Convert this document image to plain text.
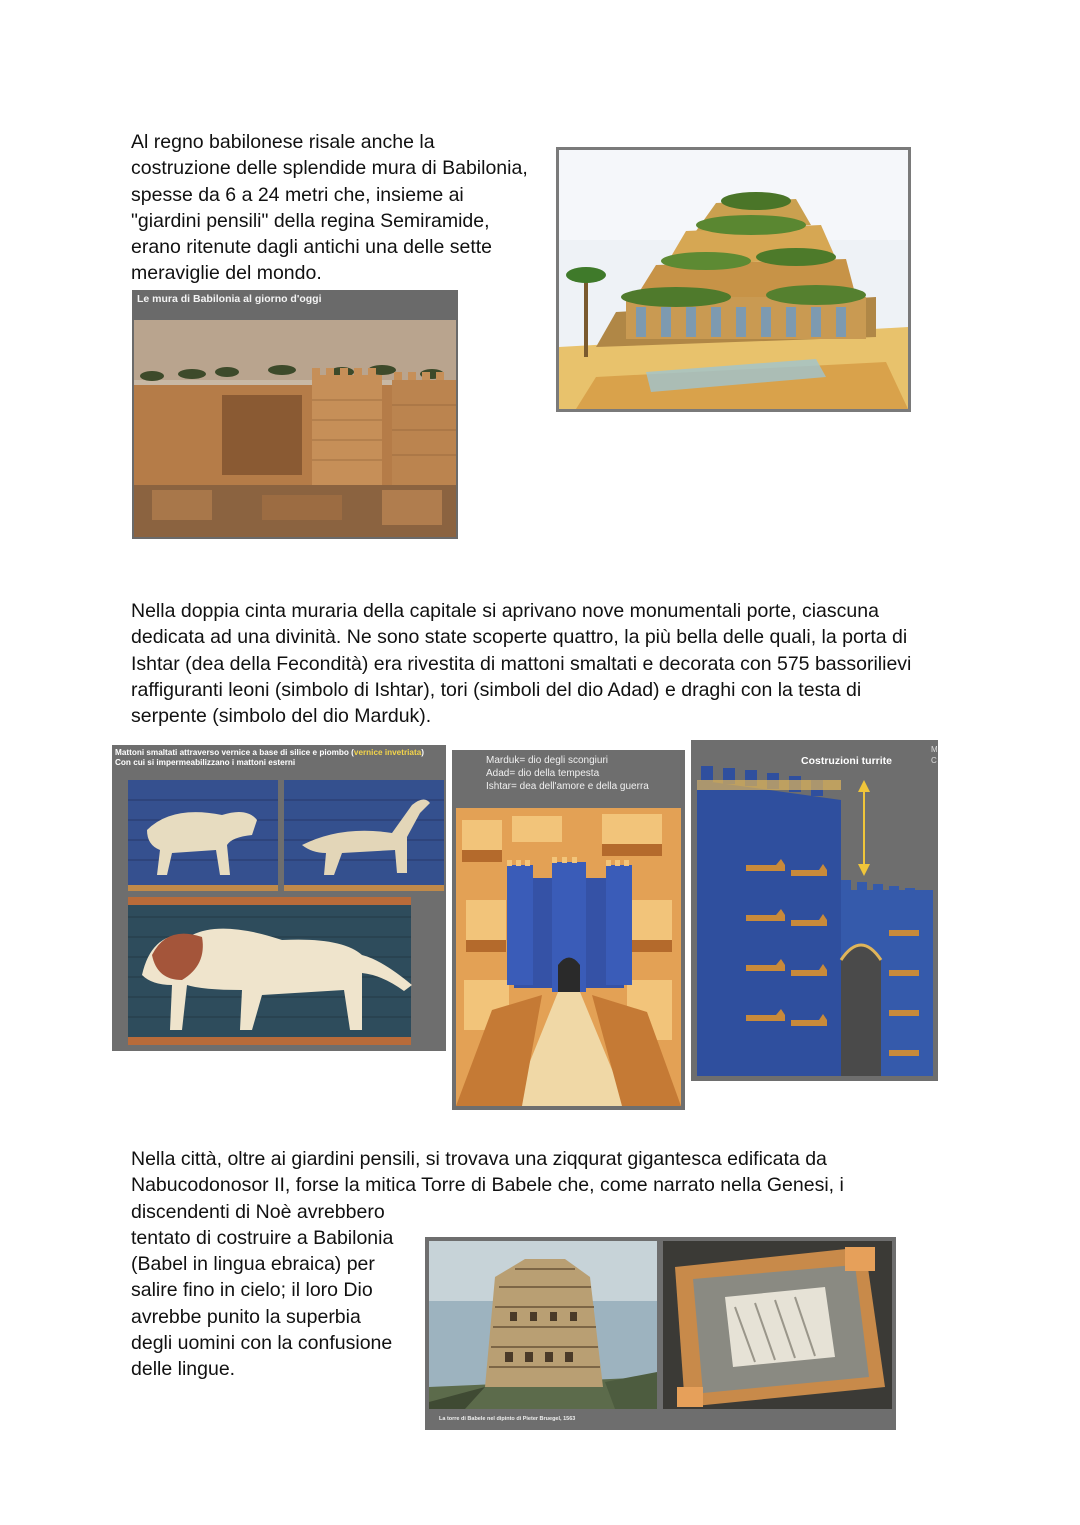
Al regno babilonese risale anche la
costruzione delle splendide mura di Babilonia,
spesse da 6 a 24 metri che, insieme ai
"giardini pensili" della regina Semiramide,
erano ritenute dagli antichi una delle sette
meraviglie del mondo.
Le mura di Babilonia al giorno d'oggi
Nella doppia cinta muraria della capitale si aprivano nove monumentali porte, ciascuna
dedicata ad una divinità. Ne sono state scoperte quattro, la più bella delle quali, la porta di
Ishtar (dea della Fecondità) era rivestita di mattoni smaltati e decorata con 575 bassorilievi
raffiguranti leoni (simbolo di Ishtar), tori (simboli del dio Adad) e draghi con la testa di
serpente (simbolo del dio Marduk).
Mattoni smaltati attraverso vernice a base di silice e piombo (vernice invetriata)
Con cui si impermeabilizzano i mattoni esterni	Marduk= dio degli scongiuri
Adad= dio della tempesta
Ishtar= dea dell'amore e della guerra
Costruzioni turrite
M
C
Nella città, oltre ai giardini pensili, si trovava una ziqqurat gigantesca edificata da
Nabucodonosor II, forse la mitica Torre di Babele che, come narrato nella Genesi, i
discendenti di Noè avrebbero
tentato di costruire a Babilonia
(Babel in lingua ebraica) per
salire fino in cielo; il loro Dio
avrebbe punito la superbia
degli uomini con la confusione
delle lingue.
La torre di Babele nel dipinto di Pieter Bruegel, 1563
